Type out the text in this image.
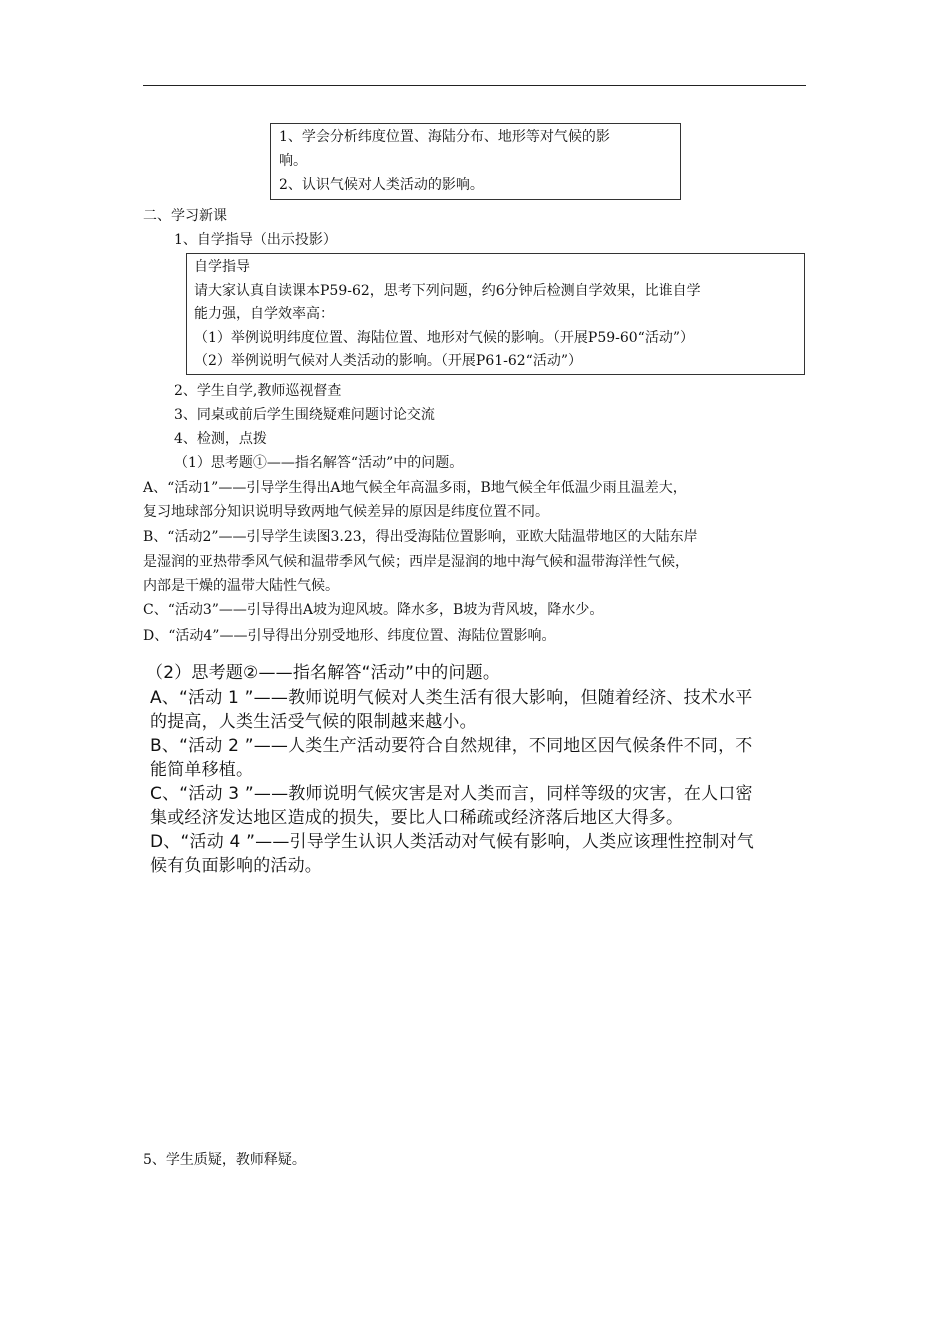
1、学会分析纬度位置、海陆分布、地形等对气候的影
响。
2、认识气候对人类活动的影响。
二、学习新课
1、自学指导（出示投影）
自学指导
请大家认真自读课本P59-62，思考下列问题，约6分钟后检测自学效果，比谁自学
能力强，自学效率高：
（1）举例说明纬度位置、海陆位置、地形对气候的影响。（开展P59-60“活动”）
（2）举例说明气候对人类活动的影响。（开展P61-62“活动”）
2、学生自学,教师巡视督查
3、同桌或前后学生围绕疑难问题讨论交流
4、检测，点拨
（1）思考题①——指名解答“活动”中的问题。
A、“活动1”——引导学生得出A地气候全年高温多雨，B地气候全年低温少雨且温差大，
复习地球部分知识说明导致两地气候差异的原因是纬度位置不同。
B、“活动2”——引导学生读图3.23，得出受海陆位置影响，亚欧大陆温带地区的大陆东岸
是湿润的亚热带季风气候和温带季风气候；西岸是湿润的地中海气候和温带海洋性气候，
内部是干燥的温带大陆性气候。
C、“活动3”——引导得出A坡为迎风坡。降水多，B坡为背风坡，降水少。
D、“活动4”——引导得出分别受地形、纬度位置、海陆位置影响。
（2）思考题②——指名解答“活动”中的问题。
A、“活动 1 ”——教师说明气候对人类生活有很大影响，但随着经济、技术水平
的提高，人类生活受气候的限制越来越小。
B、“活动 2 ”——人类生产活动要符合自然规律，不同地区因气候条件不同，不
能简单移植。
C、“活动 3 ”——教师说明气候灾害是对人类而言，同样等级的灾害，在人口密
集或经济发达地区造成的损失，要比人口稀疏或经济落后地区大得多。
D、“活动 4 ”——引导学生认识人类活动对气候有影响，人类应该理性控制对气
候有负面影响的活动。
5、学生质疑，教师释疑。
